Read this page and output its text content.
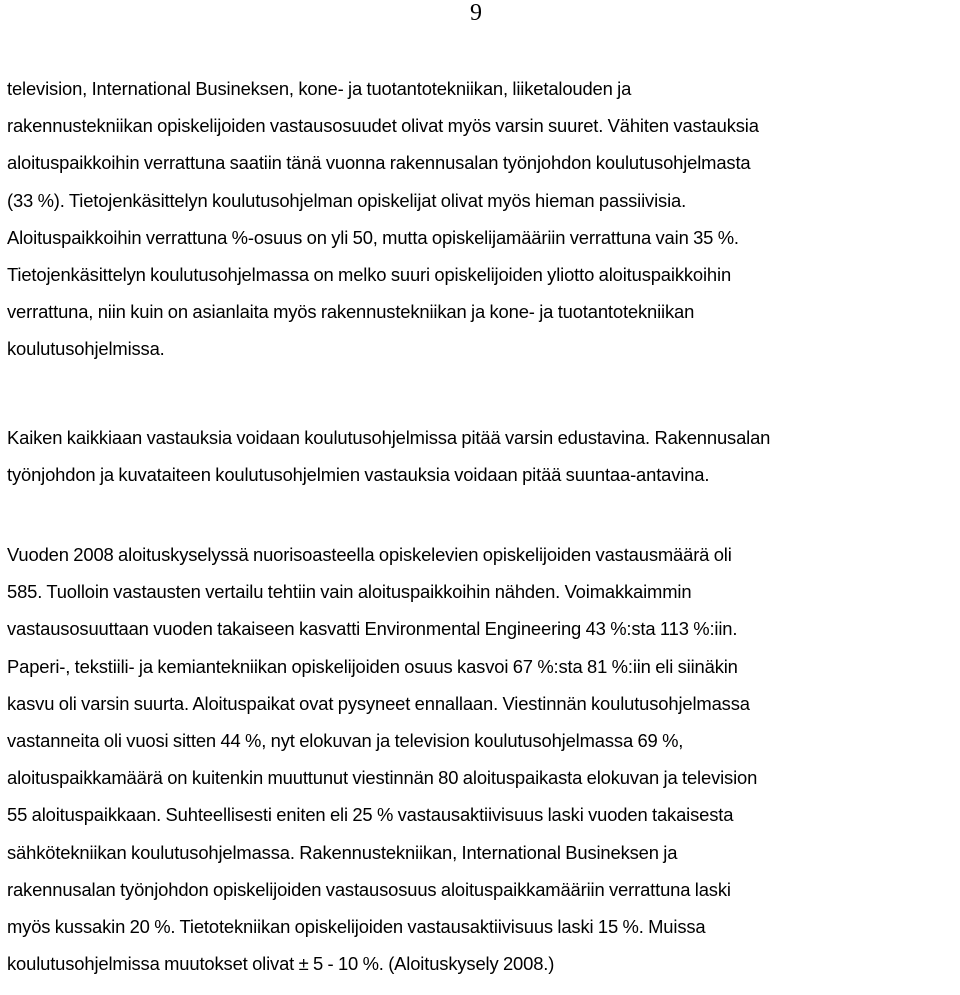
9
television, International Busineksen, kone- ja tuotantotekniikan, liiketalouden ja
rakennustekniikan opiskelijoiden vastausosuudet olivat myös varsin suuret. Vähiten vastauksia
aloituspaikkoihin verrattuna saatiin tänä vuonna rakennusalan työnjohdon koulutusohjelmasta
(33 %). Tietojenkäsittelyn koulutusohjelman opiskelijat olivat myös hieman passiivisia.
Aloituspaikkoihin verrattuna %-osuus on yli 50, mutta opiskelijamääriin verrattuna vain 35 %.
Tietojenkäsittelyn koulutusohjelmassa on melko suuri opiskelijoiden yliotto aloituspaikkoihin
verrattuna, niin kuin on asianlaita myös rakennustekniikan ja kone- ja tuotantotekniikan
koulutusohjelmissa.
Kaiken kaikkiaan vastauksia voidaan koulutusohjelmissa pitää varsin edustavina. Rakennusalan
työnjohdon ja kuvataiteen koulutusohjelmien vastauksia voidaan pitää suuntaa-antavina.
Vuoden 2008 aloituskyselyssä nuorisoasteella opiskelevien opiskelijoiden vastausmäärä oli
585. Tuolloin vastausten vertailu tehtiin vain aloituspaikkoihin nähden. Voimakkaimmin
vastausosuuttaan vuoden takaiseen kasvatti Environmental Engineering 43 %:sta 113 %:iin.
Paperi-, tekstiili- ja kemiantekniikan opiskelijoiden osuus kasvoi 67 %:sta 81 %:iin eli siinäkin
kasvu oli varsin suurta. Aloituspaikat ovat pysyneet ennallaan. Viestinnän koulutusohjelmassa
vastanneita oli vuosi sitten 44 %, nyt elokuvan ja television koulutusohjelmassa 69 %,
aloituspaikkamäärä on kuitenkin muuttunut viestinnän 80 aloituspaikasta elokuvan ja television
55 aloituspaikkaan. Suhteellisesti eniten eli 25 % vastausaktiivisuus laski vuoden takaisesta
sähkötekniikan koulutusohjelmassa. Rakennustekniikan, International Busineksen ja
rakennusalan työnjohdon opiskelijoiden vastausosuus aloituspaikkamääriin verrattuna laski
myös kussakin 20 %. Tietotekniikan opiskelijoiden vastausaktiivisuus laski 15 %. Muissa
koulutusohjelmissa muutokset olivat ± 5 - 10 %. (Aloituskysely 2008.)
